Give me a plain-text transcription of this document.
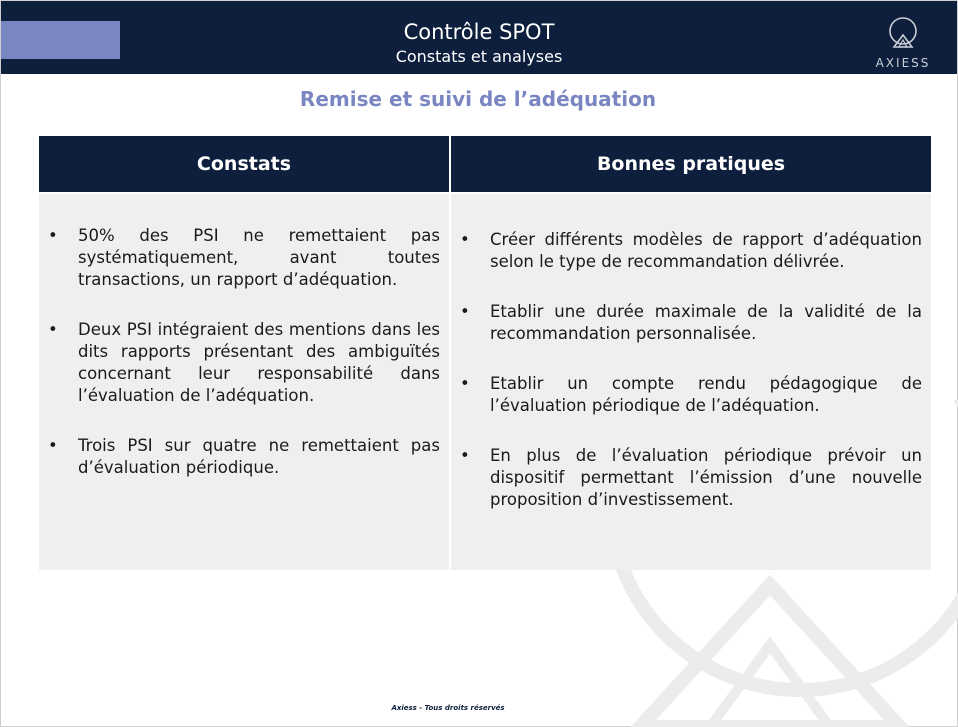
Contrôle SPOT
Constats et analyses	AXIESS
Remise et suivi de l’adéquation
Constats	Bonnes pratiques
• 50% des PSI ne remettaient pas systématiquement, avant toutes transactions, un rapport d’adéquation.
• Deux PSI intégraient des mentions dans les dits rapports présentant des ambiguïtés concernant leur responsabilité dans l’évaluation de l’adéquation.
• Trois PSI sur quatre ne remettaient pas d’évaluation périodique.
• Créer différents modèles de rapport d’adéquation selon le type de recommandation délivrée.
• Etablir une durée maximale de la validité de la recommandation personnalisée.
• Etablir un compte rendu pédagogique de l’évaluation périodique de l’adéquation.
• En plus de l’évaluation périodique prévoir un dispositif permettant l’émission d’une nouvelle proposition d’investissement.
Axiess - Tous droits réservés
